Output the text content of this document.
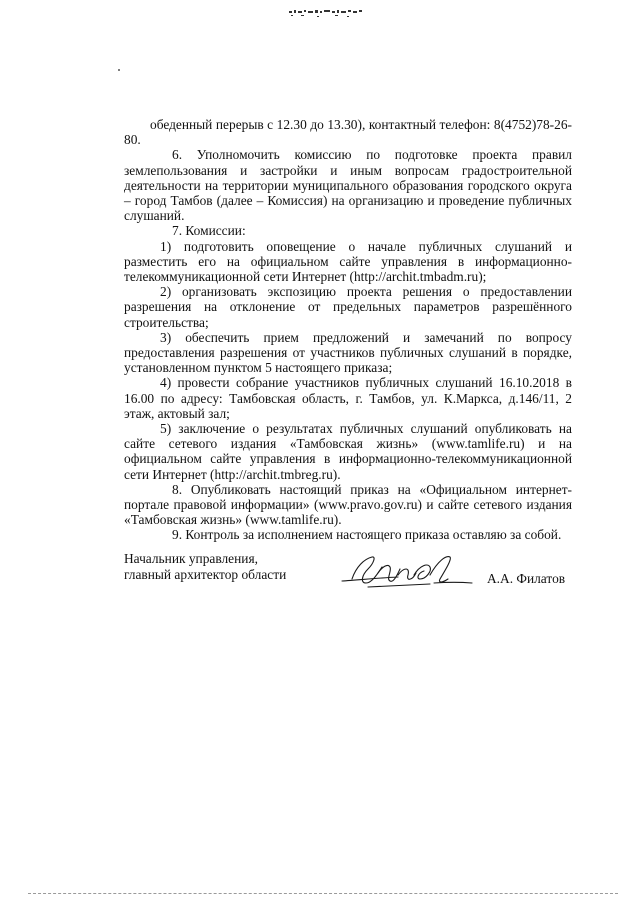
обеденный перерыв с 12.30 до 13.30), контактный телефон: 8(4752)78-26-80.

6. Уполномочить комиссию по подготовке проекта правил землепользования и застройки и иным вопросам градостроительной деятельности на территории муниципального образования городского округа – город Тамбов (далее – Комиссия) на организацию и проведение публичных слушаний.

7. Комиссии:

1) подготовить оповещение о начале публичных слушаний и разместить его на официальном сайте управления в информационно-телекоммуникационной сети Интернет (http://archit.tmbadm.ru);

2) организовать экспозицию проекта решения о предоставлении разрешения на отклонение от предельных параметров разрешённого строительства;

3) обеспечить прием предложений и замечаний по вопросу предоставления разрешения от участников публичных слушаний в порядке, установленном пунктом 5 настоящего приказа;

4) провести собрание участников публичных слушаний 16.10.2018 в 16.00 по адресу: Тамбовская область, г. Тамбов, ул. К.Маркса, д.146/11, 2 этаж, актовый зал;

5) заключение о результатах публичных слушаний опубликовать на сайте сетевого издания «Тамбовская жизнь» (www.tamlife.ru) и на официальном сайте управления в информационно-телекоммуникационной сети Интернет (http://archit.tmbreg.ru).

8. Опубликовать настоящий приказ на «Официальном интернет-портале правовой информации» (www.pravo.gov.ru) и сайте сетевого издания «Тамбовская жизнь» (www.tamlife.ru).

9. Контроль за исполнением настоящего приказа оставляю за собой.

Начальник управления,
главный архитектор области	А.А. Филатов
